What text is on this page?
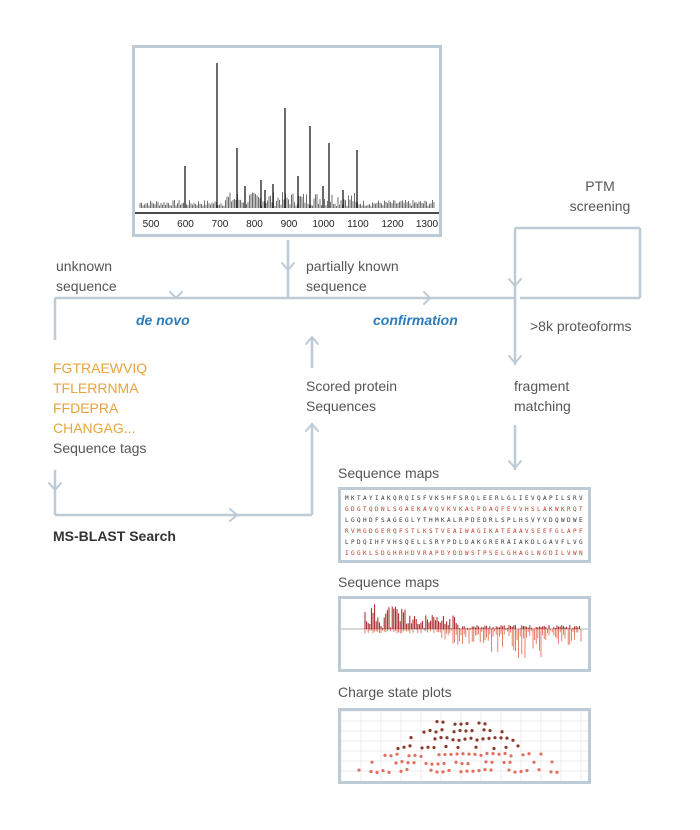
500 600 700 800 900 1000 1100 1200 1300
unknown
sequence
partially known
sequence
PTM
screening
de novo	confirmation	>8k proteoforms
FGTRAEWVIQ
TFLERRNMA
FFDEPRA
CHANGAG...
Sequence tags
Scored protein
Sequences
fragment
matching
MS-BLAST Search
Sequence maps
M K T A Y I A K Q R Q I S F V K S H F S R Q L E E R L G L I E V Q A P I L S R V
G D G T Q D N L S G A E K A V Q V K V K A L P D A Q F E V V H S L A K W K R Q T
L G Q H D F S A G E G L Y T H M K A L R P D E D R L S P L H S V Y V D Q W D W E
R V M G D G E R Q F S T L K S T V E A I W A G I K A T E A A V S E E F G L A P F
L P D Q I H F V H S Q E L L S R Y P D L D A K G R E R A I A K D L G A V F L V G
I G G K L S D G H R H D V R A P D Y D D W S T P S E L G H A G L N G D I L V W N
Sequence maps
Charge state plots
